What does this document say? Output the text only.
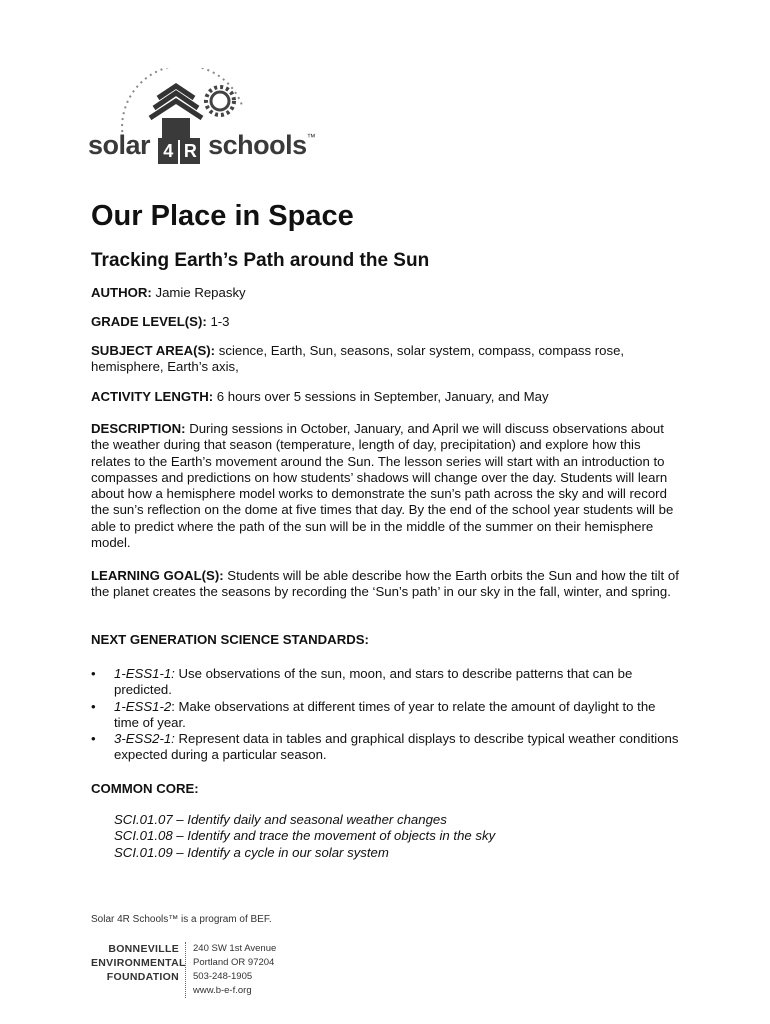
solar 4 R schools™
Our Place in Space
Tracking Earth’s Path around the Sun

AUTHOR: Jamie Repasky

GRADE LEVEL(S): 1-3

SUBJECT AREA(S): science, Earth, Sun, seasons, solar system, compass, compass rose, hemisphere, Earth’s axis,

ACTIVITY LENGTH: 6 hours over 5 sessions in September, January, and May

DESCRIPTION: During sessions in October, January, and April we will discuss observations about the weather during that season (temperature, length of day, precipitation) and explore how this relates to the Earth’s movement around the Sun. The lesson series will start with an introduction to compasses and predictions on how students’ shadows will change over the day. Students will learn about how a hemisphere model works to demonstrate the sun’s path across the sky and will record the sun’s reflection on the dome at five times that day. By the end of the school year students will be able to predict where the path of the sun will be in the middle of the summer on their hemisphere model.

LEARNING GOAL(S): Students will be able describe how the Earth orbits the Sun and how the tilt of the planet creates the seasons by recording the ‘Sun’s path’ in our sky in the fall, winter, and spring.

NEXT GENERATION SCIENCE STANDARDS:

• 1-ESS1-1: Use observations of the sun, moon, and stars to describe patterns that can be predicted.
• 1-ESS1-2: Make observations at different times of year to relate the amount of daylight to the time of year.
• 3-ESS2-1: Represent data in tables and graphical displays to describe typical weather conditions expected during a particular season.

COMMON CORE:

SCI.01.07 – Identify daily and seasonal weather changes
SCI.01.08 – Identify and trace the movement of objects in the sky
SCI.01.09 – Identify a cycle in our solar system
Solar 4R Schools™ is a program of BEF.
BONNEVILLE
ENVIRONMENTAL
FOUNDATION
240 SW 1st Avenue
Portland OR 97204
503-248-1905
www.b-e-f.org
